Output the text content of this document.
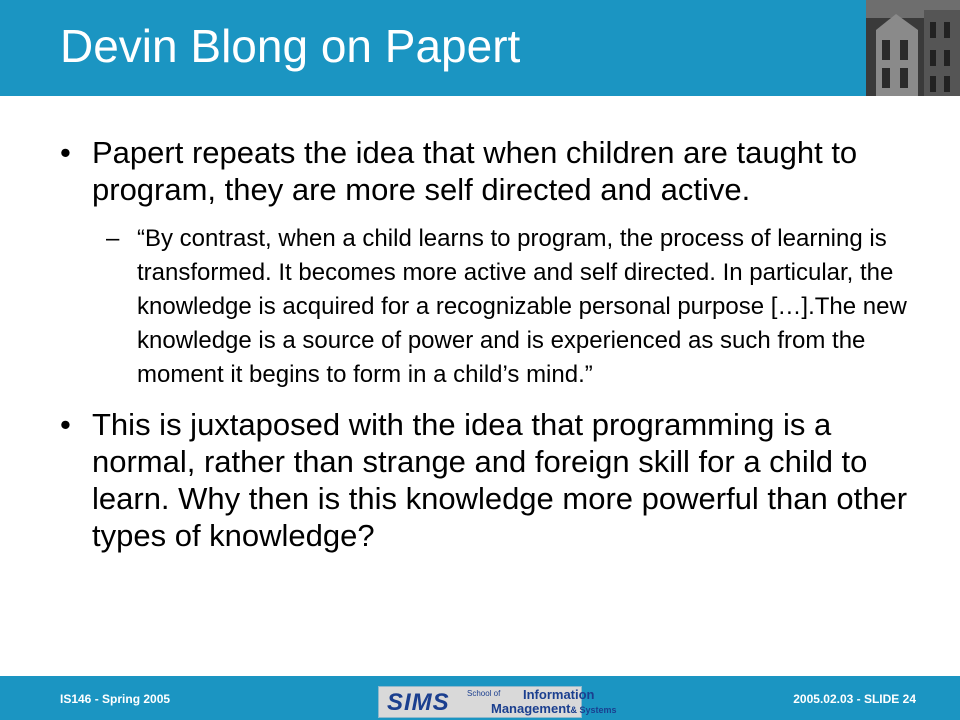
Devin Blong on Papert
• Papert repeats the idea that when children are taught to program, they are more self directed and active.
– “By contrast, when a child learns to program, the process of learning is transformed. It becomes more active and self directed. In particular, the knowledge is acquired for a recognizable personal purpose […].The new knowledge is a source of power and is experienced as such from the moment it begins to form in a child’s mind.”
• This is juxtaposed with the idea that programming is a normal, rather than strange and foreign skill for a child to learn. Why then is this knowledge more powerful than other types of knowledge?
IS146 - Spring 2005	2005.02.03 - SLIDE 24
SIMS School of	Information
Management& Systems
